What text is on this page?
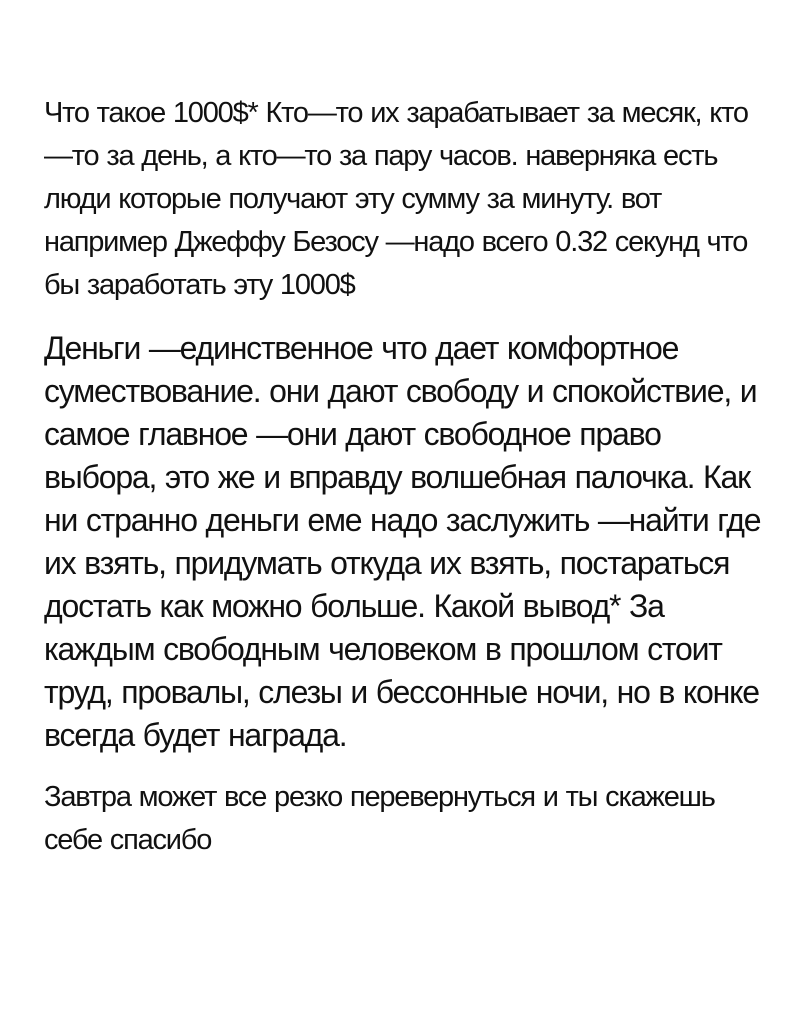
Что такое 1000$* Кто—то их зарабатывает за месяк, кто—то за день, а кто—то за пару часов. наверняка есть люди которые получают эту сумму за минуту. вот например Джеффу Безосу —надо всего 0.32 секунд что бы заработать эту 1000$

Деньги —единственное что дает комфортное сумествование. они дают свободу и спокойствие, и самое главное —они дают свободное право выбора, это же и вправду волшебная палочка. Как ни странно деньги еме надо заслужить —найти где их взять, придумать откуда их взять, постараться достать как можно больше. Какой вывод* За каждым свободным человеком в прошлом стоит труд, провалы, слезы и бессонные ночи, но в конке всегда будет награда.

Завтра может все резко перевернуться и ты скажешь себе спасибо
